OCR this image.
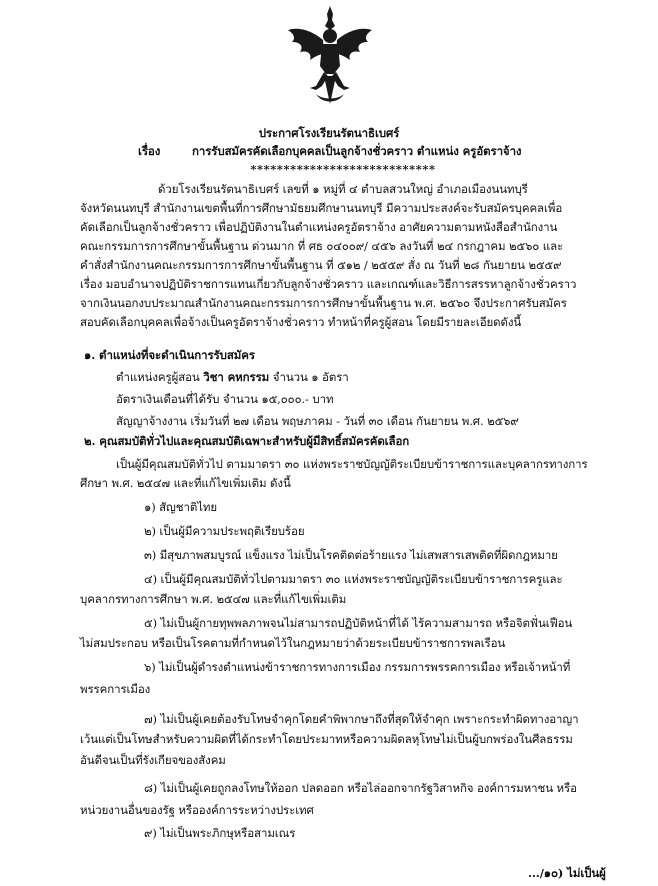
ประกาศโรงเรียนรัตนาธิเบศร์
เรื่อง	การรับสมัครคัดเลือกบุคคลเป็นลูกจ้างชั่วคราว ตำแหน่ง ครูอัตราจ้าง
****************************
ด้วยโรงเรียนรัตนาธิเบศร์ เลขที่ ๑ หมู่ที่ ๔ ตำบลสวนใหญ่ อำเภอเมืองนนทบุรี
จังหวัดนนทบุรี สำนักงานเขตพื้นที่การศึกษามัธยมศึกษานนทบุรี มีความประสงค์จะรับสมัครบุคคลเพื่อ
คัดเลือกเป็นลูกจ้างชั่วคราว เพื่อปฏิบัติงานในตำแหน่งครูอัตราจ้าง อาศัยความตามหนังสือสำนักงาน
คณะกรรมการการศึกษาขั้นพื้นฐาน ด่วนมาก ที่ ศธ ๐๔๐๐๙/ ๔๕๖ ลงวันที่ ๒๔ กรกฎาคม ๒๕๖๐ และ
คำสั่งสำนักงานคณะกรรมการการศึกษาขั้นพื้นฐาน ที่ ๕๑๒ / ๒๕๕๙ สั่ง ณ วันที่ ๒๘ กันยายน ๒๕๕๙
เรื่อง มอบอำนาจปฏิบัติราชการแทนเกี่ยวกับลูกจ้างชั่วคราว และเกณฑ์และวิธีการสรรหาลูกจ้างชั่วคราว
จากเงินนอกงบประมาณสำนักงานคณะกรรมการการศึกษาขั้นพื้นฐาน พ.ศ. ๒๕๖๐ จึงประกาศรับสมัคร
สอบคัดเลือกบุคคลเพื่อจ้างเป็นครูอัตราจ้างชั่วคราว ทำหน้าที่ครูผู้สอน โดยมีรายละเอียดดังนี้
๑. ตำแหน่งที่จะดำเนินการรับสมัคร
ตำแหน่งครูผู้สอน วิชา คหกรรม จำนวน ๑ อัตรา
อัตราเงินเดือนที่ได้รับ จำนวน ๑๕,๐๐๐.- บาท
สัญญาจ้างงาน เริ่มวันที่ ๒๗ เดือน พฤษภาคม - วันที่ ๓๐ เดือน กันยายน พ.ศ. ๒๕๖๙
๒. คุณสมบัติทั่วไปและคุณสมบัติเฉพาะสำหรับผู้มีสิทธิ์สมัครคัดเลือก
เป็นผู้มีคุณสมบัติทั่วไป ตามมาตรา ๓๐ แห่งพระราชบัญญัติระเบียบข้าราชการและบุคลากรทางการ
ศึกษา พ.ศ. ๒๕๔๗ และที่แก้ไขเพิ่มเติม ดังนี้
๑) สัญชาติไทย
๒) เป็นผู้มีความประพฤติเรียบร้อย
๓) มีสุขภาพสมบูรณ์ แข็งแรง ไม่เป็นโรคติดต่อร้ายแรง ไม่เสพสารเสพติดที่ผิดกฎหมาย
๔) เป็นผู้มีคุณสมบัติทั่วไปตามมาตรา ๓๐ แห่งพระราชบัญญัติระเบียบข้าราชการครูและ
บุคลากรทางการศึกษา พ.ศ. ๒๕๔๗ และที่แก้ไขเพิ่มเติม
๕) ไม่เป็นผู้กายทุพพลภาพจนไม่สามารถปฏิบัติหน้าที่ได้ ไร้ความสามารถ หรือจิตฟั่นเฟือน
ไม่สมประกอบ หรือเป็นโรคตามที่กำหนดไว้ในกฎหมายว่าด้วยระเบียบข้าราชการพลเรือน
๖) ไม่เป็นผู้ดำรงตำแหน่งข้าราชการทางการเมือง กรรมการพรรคการเมือง หรือเจ้าหน้าที่
พรรคการเมือง
๗) ไม่เป็นผู้เคยต้องรับโทษจำคุกโดยคำพิพากษาถึงที่สุดให้จำคุก เพราะกระทำผิดทางอาญา
เว้นแต่เป็นโทษสำหรับความผิดที่ได้กระทำโดยประมาทหรือความผิดลหุโทษไม่เป็นผู้บกพร่องในศีลธรรม
อันดีจนเป็นที่รังเกียจของสังคม
๘) ไม่เป็นผู้เคยถูกลงโทษให้ออก ปลดออก หรือไล่ออกจากรัฐวิสาหกิจ องค์การมหาชน หรือ
หน่วยงานอื่นของรัฐ หรือองค์การระหว่างประเทศ
๙) ไม่เป็นพระภิกษุหรือสามเณร
.../๑๐) ไม่เป็นผู้
